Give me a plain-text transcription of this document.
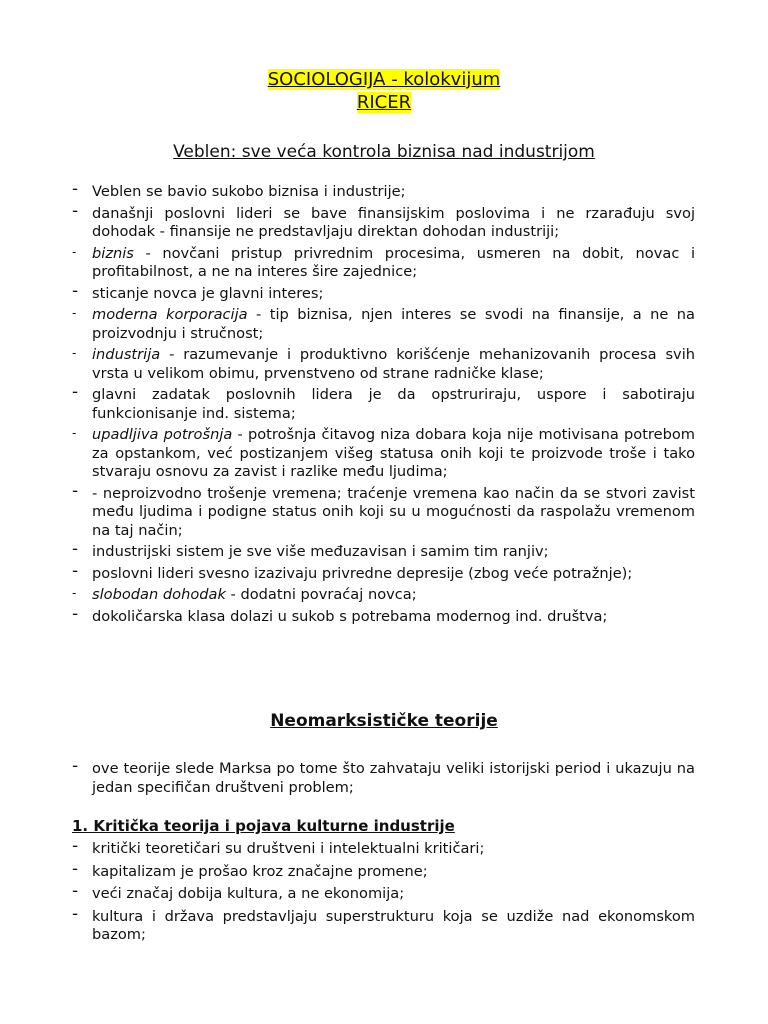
SOCIOLOGIJA - kolokvijum
RICER
Veblen: sve veća kontrola biznisa nad industrijom
- Veblen se bavio sukobo biznisa i industrije;
- današnji poslovni lideri se bave finansijskim poslovima i ne rzarađuju svoj dohodak - finansije ne predstavljaju direktan dohodan industriji;
- biznis - novčani pristup privrednim procesima, usmeren na dobit, novac i profitabilnost, a ne na interes šire zajednice;
- sticanje novca je glavni interes;
- moderna korporacija - tip biznisa, njen interes se svodi na finansije, a ne na proizvodnju i stručnost;
- industrija - razumevanje i produktivno korišćenje mehanizovanih procesa svih vrsta u velikom obimu, prvenstveno od strane radničke klase;
- glavni zadatak poslovnih lidera je da opstruriraju, uspore i sabotiraju funkcionisanje ind. sistema;
- upadljiva potrošnja - potrošnja čitavog niza dobara koja nije motivisana potrebom za opstankom, već postizanjem višeg statusa onih koji te proizvode troše i tako stvaraju osnovu za zavist i razlike među ljudima;
- - neproizvodno trošenje vremena; traćenje vremena kao način da se stvori zavist među ljudima i podigne status onih koji su u mogućnosti da raspolažu vremenom na taj način;
- industrijski sistem je sve više međuzavisan i samim tim ranjiv;
- poslovni lideri svesno izazivaju privredne depresije (zbog veće potražnje);
- slobodan dohodak - dodatni povraćaj novca;
- dokoličarska klasa dolazi u sukob s potrebama modernog ind. društva;
Neomarksističke teorije
- ove teorije slede Marksa po tome što zahvataju veliki istorijski period i ukazuju na jedan specifičan društveni problem;
1. Kritička teorija i pojava kulturne industrije
- kritički teoretičari su društveni i intelektualni kritičari;
- kapitalizam je prošao kroz značajne promene;
- veći značaj dobija kultura, a ne ekonomija;
- kultura i država predstavljaju superstrukturu koja se uzdiže nad ekonomskom bazom;
